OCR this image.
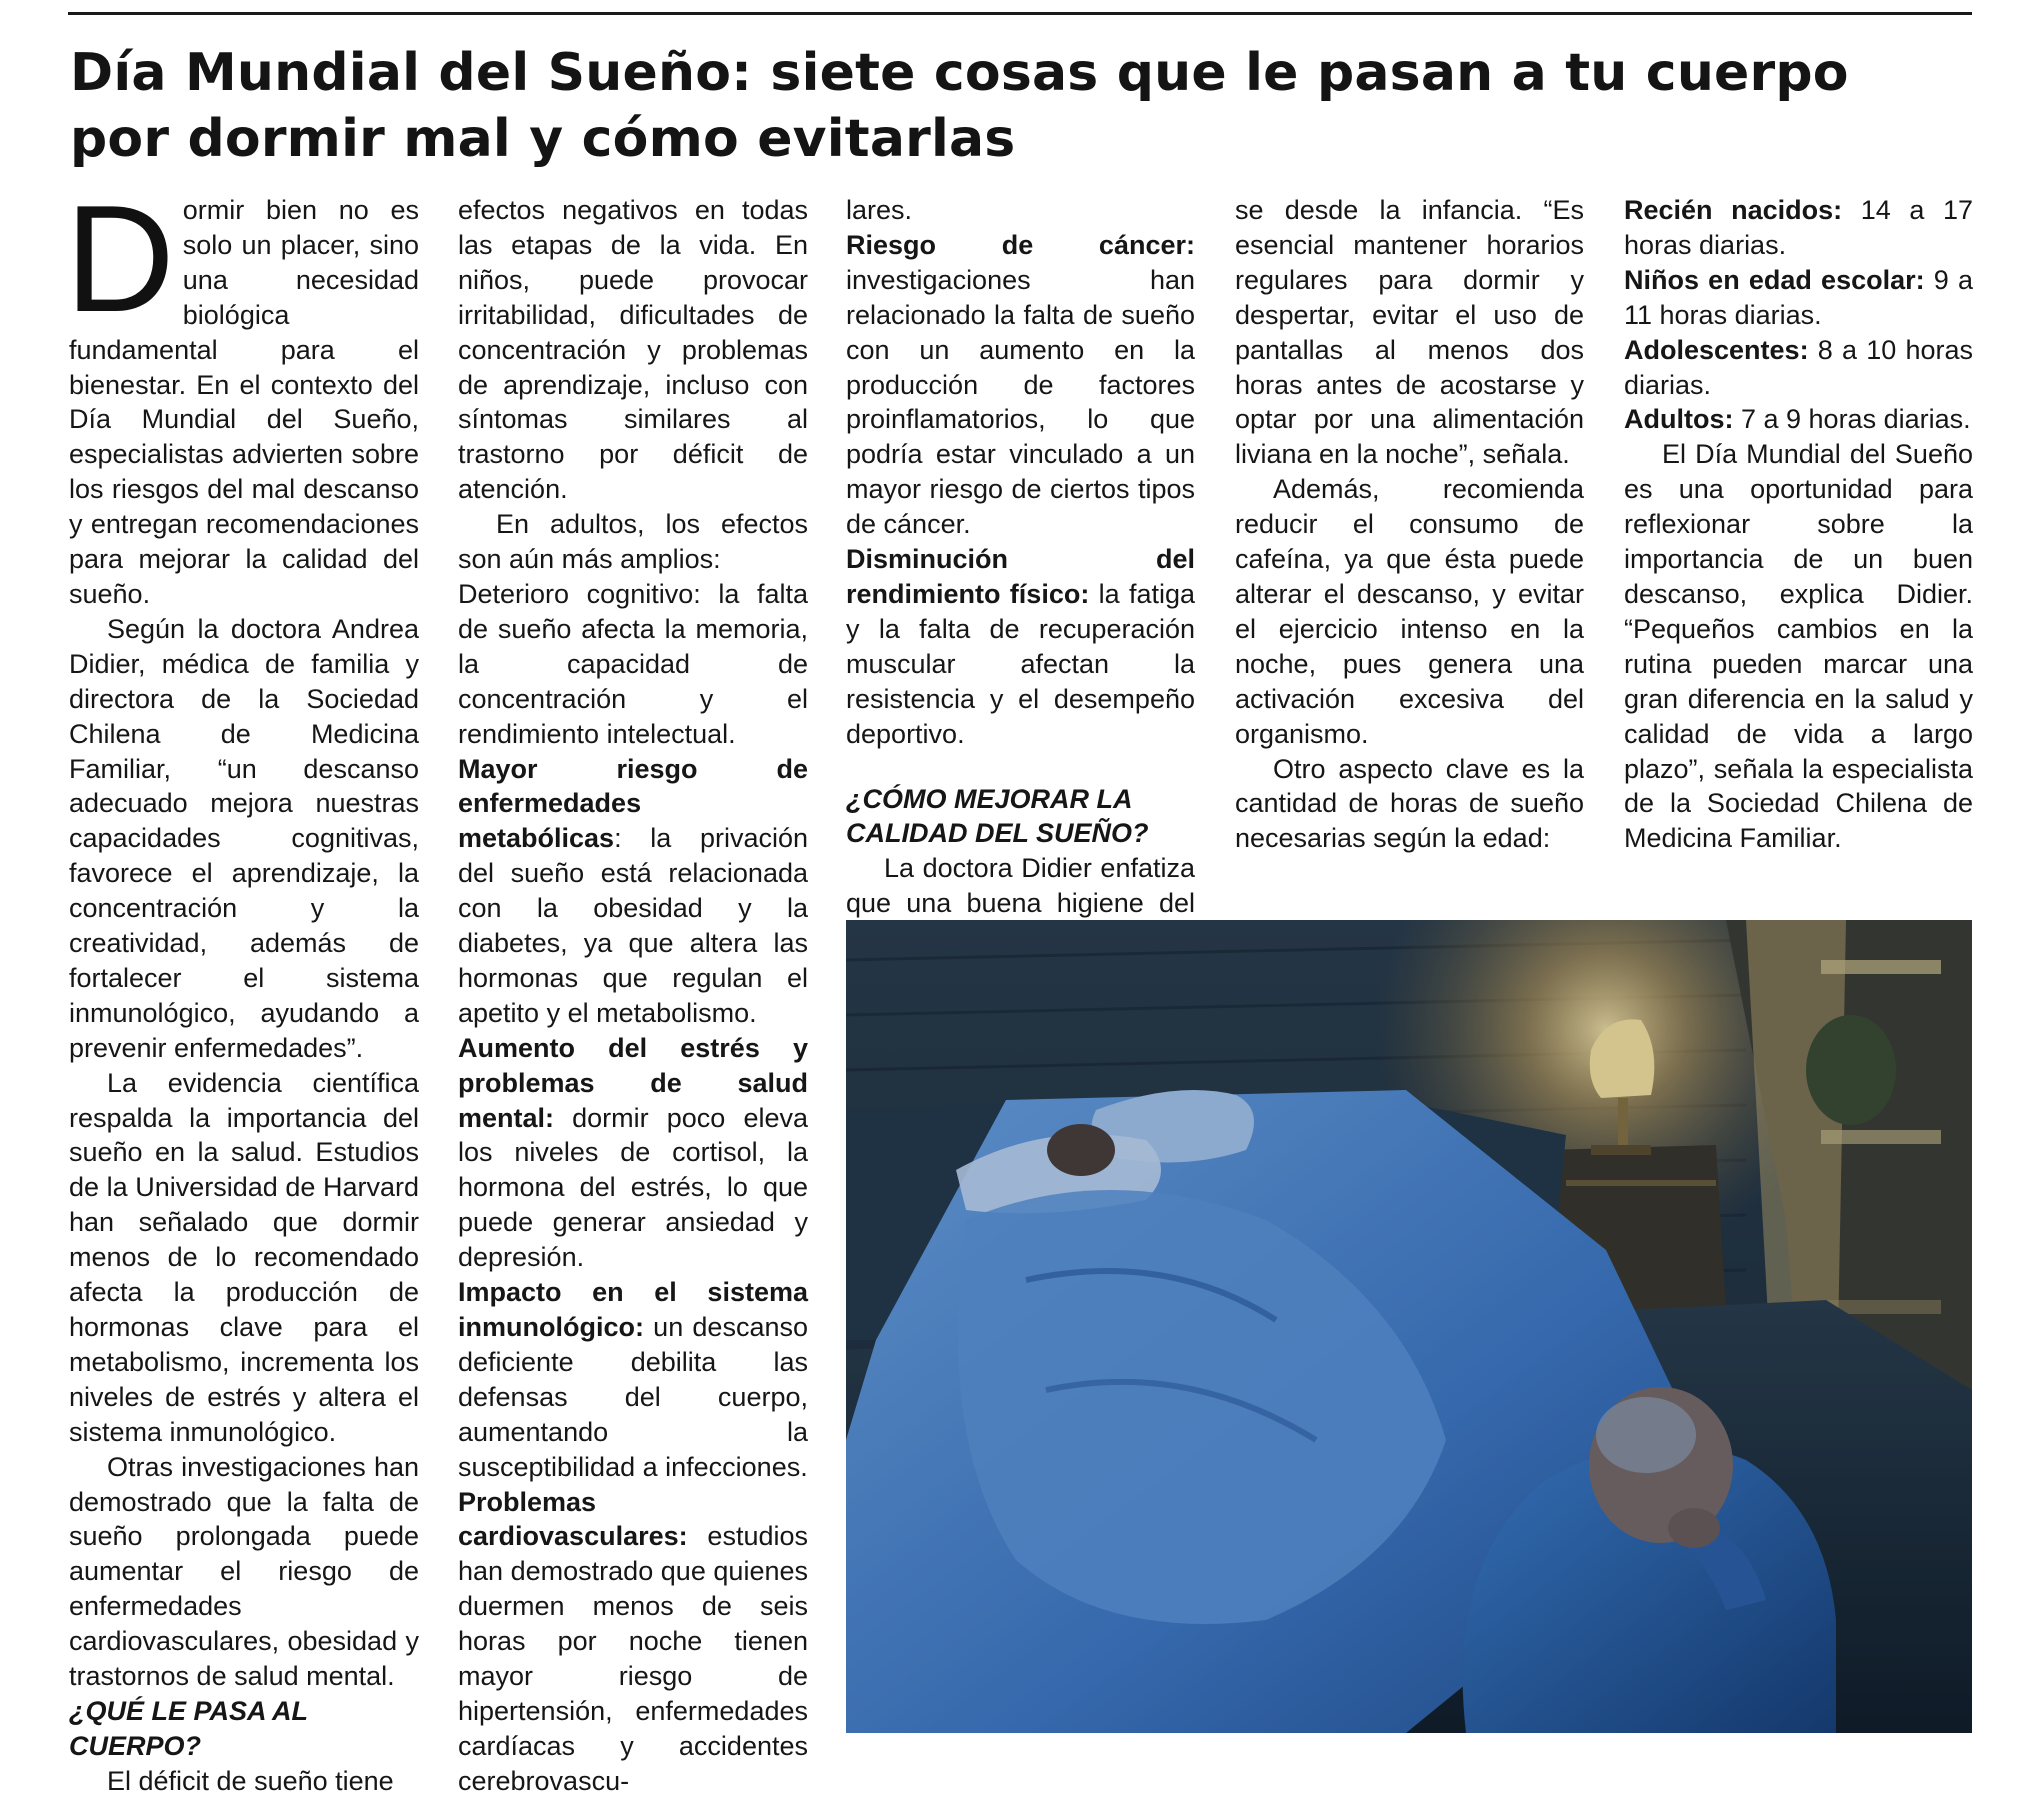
Día Mundial del Sueño: siete cosas que le pasan a tu cuerpo por dormir mal y cómo evitarlas

Dormir bien no es solo un placer, sino una necesidad biológica fundamental para el bienestar. En el contexto del Día Mundial del Sueño, especialistas advierten sobre los riesgos del mal descanso y entregan recomendaciones para mejorar la calidad del sueño.

Según la doctora Andrea Didier, médica de familia y directora de la Sociedad Chilena de Medicina Familiar, “un descanso adecuado mejora nuestras capacidades cognitivas, favorece el aprendizaje, la concentración y la creatividad, además de fortalecer el sistema inmunológico, ayudando a prevenir enfermedades”.

La evidencia científica respalda la importancia del sueño en la salud. Estudios de la Universidad de Harvard han señalado que dormir menos de lo recomendado afecta la producción de hormonas clave para el metabolismo, incrementa los niveles de estrés y altera el sistema inmunológico.

Otras investigaciones han demostrado que la falta de sueño prolongada puede aumentar el riesgo de enfermedades cardiovasculares, obesidad y trastornos de salud mental.

¿QUÉ LE PASA AL CUERPO?

El déficit de sueño tiene

efectos negativos en todas las etapas de la vida. En niños, puede provocar irritabilidad, dificultades de concentración y problemas de aprendizaje, incluso con síntomas similares al trastorno por déficit de atención.

En adultos, los efectos son aún más amplios:

Deterioro cognitivo: la falta de sueño afecta la memoria, la capacidad de concentración y el rendimiento intelectual.

Mayor riesgo de enfermedades metabólicas: la privación del sueño está relacionada con la obesidad y la diabetes, ya que altera las hormonas que regulan el apetito y el metabolismo.

Aumento del estrés y problemas de salud mental: dormir poco eleva los niveles de cortisol, la hormona del estrés, lo que puede generar ansiedad y depresión.

Impacto en el sistema inmunológico: un descanso deficiente debilita las defensas del cuerpo, aumentando la susceptibilidad a infecciones.

Problemas cardiovasculares: estudios han demostrado que quienes duermen menos de seis horas por noche tienen mayor riesgo de hipertensión, enfermedades cardíacas y accidentes cerebrovascu-

lares.

Riesgo de cáncer: investigaciones han relacionado la falta de sueño con un aumento en la producción de factores proinflamatorios, lo que podría estar vinculado a un mayor riesgo de ciertos tipos de cáncer.

Disminución del rendimiento físico: la fatiga y la falta de recuperación muscular afectan la resistencia y el desempeño deportivo.

¿CÓMO MEJORAR LA CALIDAD DEL SUEÑO?

La doctora Didier enfatiza que una buena higiene del

se desde la infancia. “Es esencial mantener horarios regulares para dormir y despertar, evitar el uso de pantallas al menos dos horas antes de acostarse y optar por una alimentación liviana en la noche”, señala.

Además, recomienda reducir el consumo de cafeína, ya que ésta puede alterar el descanso, y evitar el ejercicio intenso en la noche, pues genera una activación excesiva del organismo.

Otro aspecto clave es la cantidad de horas de sueño necesarias según la edad:

Recién nacidos: 14 a 17 horas diarias.

Niños en edad escolar: 9 a 11 horas diarias.

Adolescentes: 8 a 10 horas diarias.

Adultos: 7 a 9 horas diarias.

El Día Mundial del Sueño es una oportunidad para reflexionar sobre la importancia de un buen descanso, explica Didier. “Pequeños cambios en la rutina pueden marcar una gran diferencia en la salud y calidad de vida a largo plazo”, señala la especialista de la Sociedad Chilena de Medicina Familiar.
